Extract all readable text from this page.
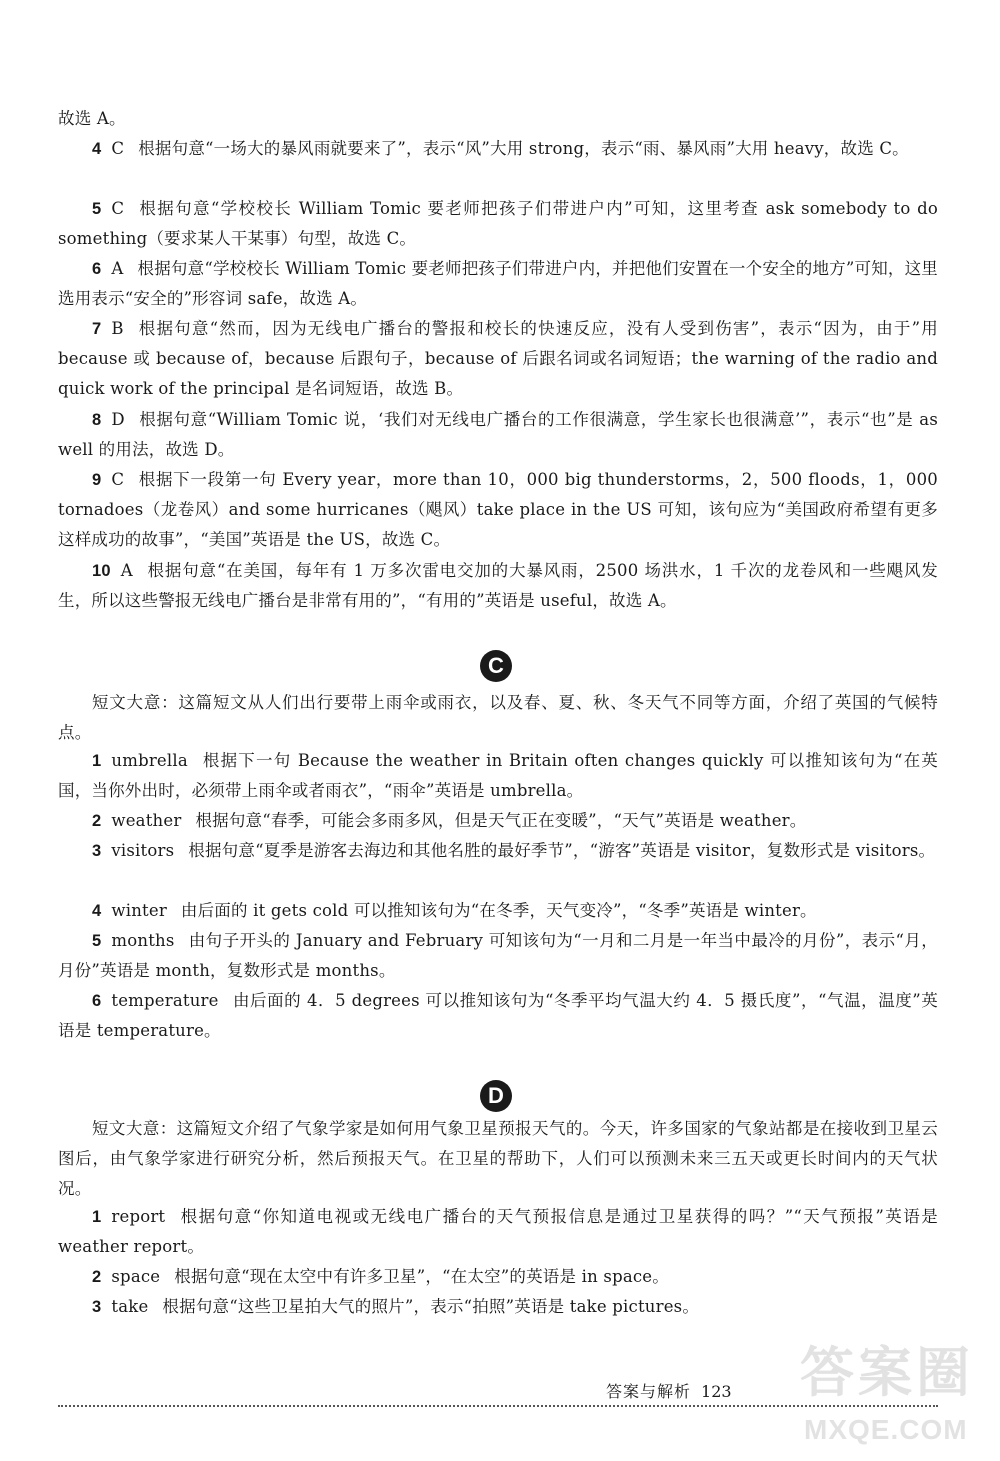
故选 A。
4 C 根据句意“一场大的暴风雨就要来了”，表示“风”大用 strong，表示“雨、暴风雨”大用 heavy，故选 C。
5 C 根据句意“学校校长 William Tomic 要老师把孩子们带进户内”可知，这里考查 ask somebody to do something（要求某人干某事）句型，故选 C。
6 A 根据句意“学校校长 William Tomic 要老师把孩子们带进户内，并把他们安置在一个安全的地方”可知，这里选用表示“安全的”形容词 safe，故选 A。
7 B 根据句意“然而，因为无线电广播台的警报和校长的快速反应，没有人受到伤害”，表示“因为，由于”用 because 或 because of，because 后跟句子，because of 后跟名词或名词短语；the warning of the radio and quick work of the principal 是名词短语，故选 B。
8 D 根据句意“William Tomic 说，‘我们对无线电广播台的工作很满意，学生家长也很满意’”，表示“也”是 as well 的用法，故选 D。
9 C 根据下一段第一句 Every year，more than 10，000 big thunderstorms，2，500 floods，1，000 tornadoes（龙卷风）and some hurricanes（飓风）take place in the US 可知，该句应为“美国政府希望有更多这样成功的故事”，“美国”英语是 the US，故选 C。
10 A 根据句意“在美国，每年有 1 万多次雷电交加的大暴风雨，2500 场洪水，1 千次的龙卷风和一些飓风发生，所以这些警报无线电广播台是非常有用的”，“有用的”英语是 useful，故选 A。
C
短文大意：这篇短文从人们出行要带上雨伞或雨衣，以及春、夏、秋、冬天气不同等方面，介绍了英国的气候特点。
1 umbrella 根据下一句 Because the weather in Britain often changes quickly 可以推知该句为“在英国，当你外出时，必须带上雨伞或者雨衣”，“雨伞”英语是 umbrella。
2 weather 根据句意“春季，可能会多雨多风，但是天气正在变暖”，“天气”英语是 weather。
3 visitors 根据句意“夏季是游客去海边和其他名胜的最好季节”，“游客”英语是 visitor，复数形式是 visitors。
4 winter 由后面的 it gets cold 可以推知该句为“在冬季，天气变冷”，“冬季”英语是 winter。
5 months 由句子开头的 January and February 可知该句为“一月和二月是一年当中最冷的月份”，表示“月，月份”英语是 month，复数形式是 months。
6 temperature 由后面的 4．5 degrees 可以推知该句为“冬季平均气温大约 4．5 摄氏度”，“气温，温度”英语是 temperature。
D
短文大意：这篇短文介绍了气象学家是如何用气象卫星预报天气的。今天，许多国家的气象站都是在接收到卫星云图后，由气象学家进行研究分析，然后预报天气。在卫星的帮助下，人们可以预测未来三五天或更长时间内的天气状况。
1 report 根据句意“你知道电视或无线电广播台的天气预报信息是通过卫星获得的吗？”“天气预报”英语是 weather report。
2 space 根据句意“现在太空中有许多卫星”，“在太空”的英语是 in space。
3 take 根据句意“这些卫星拍大气的照片”，表示“拍照”英语是 take pictures。
答案与解析 123 答案圈
MXQE.COM
